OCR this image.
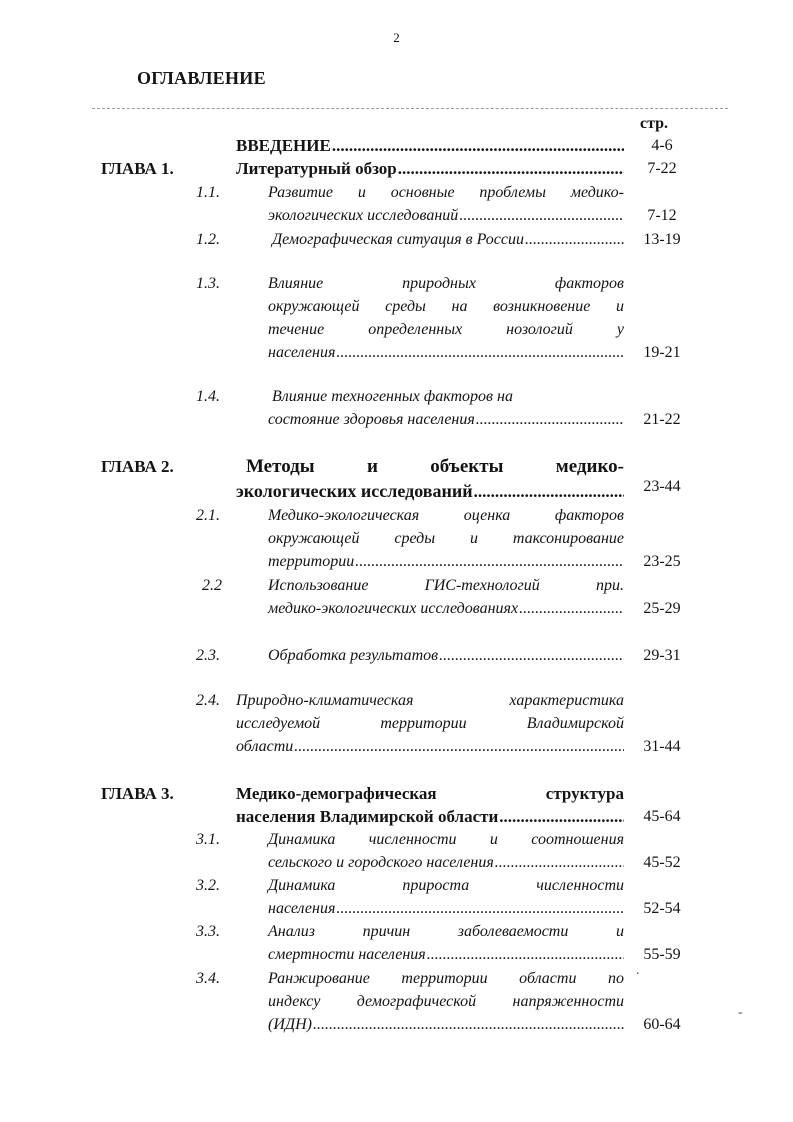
2
ОГЛАВЛЕНИЕ
стр.
ВВЕДЕНИЕ .....	4-6
ГЛАВА 1.	Литературный обзор .....	7-22
1.1.	Развитие и основные проблемы медико-
экологических исследований .....	7-12
1.2.	Демографическая ситуация в России .....	13-19
1.3.	Влияние природных факторов
окружающей среды на возникновение и
течение определенных нозологий у
населения .....	19-21
1.4.	Влияние техногенных факторов на
состояние здоровья населения .....	21-22
ГЛАВА 2.	Методы и объекты медико-
экологических исследований .....	23-44
2.1.	Медико-экологическая оценка факторов
окружающей среды и таксонирование
территории .....	23-25
2.2	Использование ГИС-технологий при.
медико-экологических исследованиях .....	25-29
2.3.	Обработка результатов .....	29-31
2.4. Природно-климатическая характеристика
исследуемой территории Владимирской
области .....	31-44
ГЛАВА 3.	Медико-демографическая структура
населения Владимирской области .....	45-64
3.1.	Динамика численности и соотношения
сельского и городского населения .....	45-52
3.2.	Динамика прироста численности
населения .....	52-54
3.3.	Анализ причин заболеваемости и
смертности населения .....	55-59
3.4.	Ранжирование территории области по
индексу демографической напряженности
(ИДН) .....	60-64
.
-
